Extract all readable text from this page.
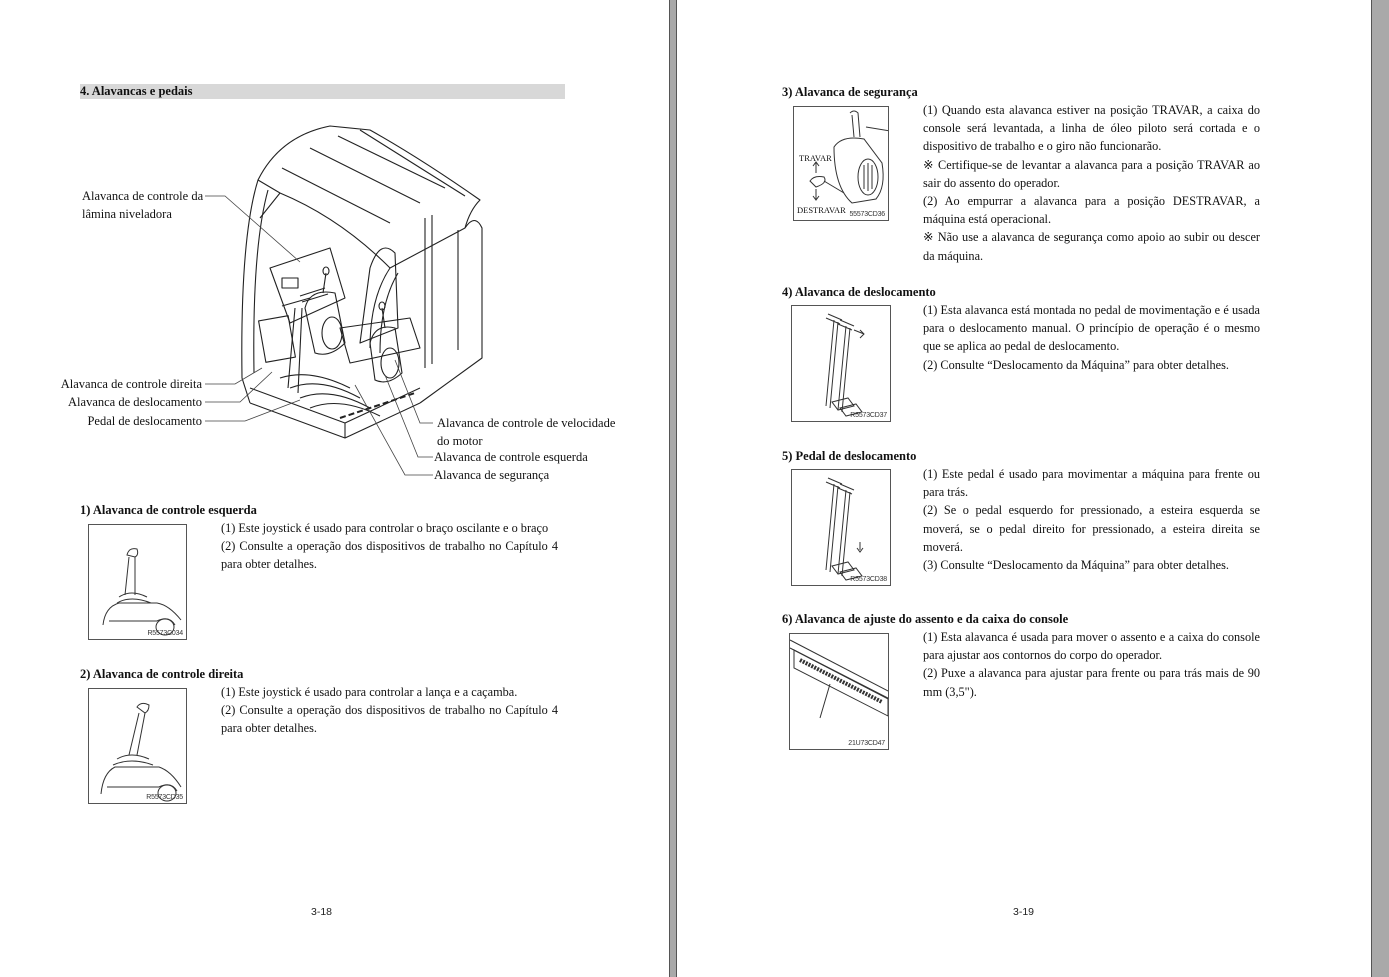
4. Alavancas e pedais
Alavanca de controle da
lâmina niveladora
Alavanca de controle direita
Alavanca de deslocamento
Pedal de deslocamento	Alavanca de controle de velocidade
do motor
Alavanca de controle esquerda
Alavanca de segurança
1) Alavanca de controle esquerda
R5573C034

(1) Este joystick é usado para controlar o braço oscilante e o braço

(2) Consulte a operação dos dispositivos de trabalho no Capítulo 4 para obter detalhes.

2) Alavanca de controle direita
R5573CD35

(1) Este joystick é usado para controlar a lança e a caçamba.

(2) Consulte a operação dos dispositivos de trabalho no Capítulo 4 para obter detalhes.

3-18
3) Alavanca de segurança
TRAVAR
DESTRAVAR 55573CD36

(1) Quando esta alavanca estiver na posição TRAVAR, a caixa do console será levantada, a linha de óleo piloto será cortada e o dispositivo de trabalho e o giro não funcionarão.

※ Certifique-se de levantar a alavanca para a posição TRAVAR ao sair do assento do operador.

(2) Ao empurrar a alavanca para a posição DESTRAVAR, a máquina está operacional.

※ Não use a alavanca de segurança como apoio ao subir ou descer da máquina.

4) Alavanca de deslocamento
R5573CD37

(1) Esta alavanca está montada no pedal de movimentação e é usada para o deslocamento manual. O princípio de operação é o mesmo que se aplica ao pedal de deslocamento.

(2) Consulte “Deslocamento da Máquina” para obter detalhes.

5) Pedal de deslocamento
R5573CD38

(1) Este pedal é usado para movimentar a máquina para frente ou para trás.

(2) Se o pedal esquerdo for pressionado, a esteira esquerda se moverá, se o pedal direito for pressionado, a esteira direita se moverá.

(3) Consulte “Deslocamento da Máquina” para obter detalhes.

6) Alavanca de ajuste do assento e da caixa do console
21U73CD47

(1) Esta alavanca é usada para mover o assento e a caixa do console para ajustar aos contornos do corpo do operador.

(2) Puxe a alavanca para ajustar para frente ou para trás mais de 90 mm (3,5").

3-19
